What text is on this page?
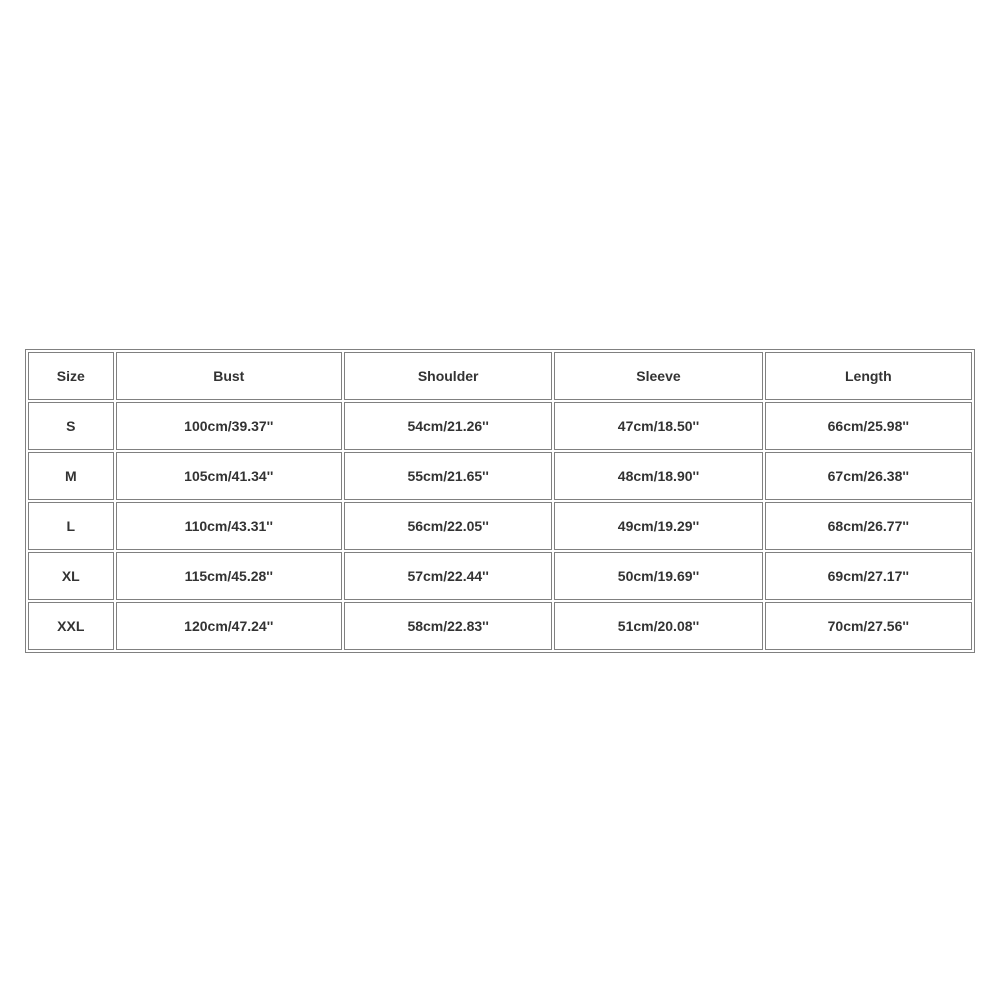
Size	Bust	Shoulder	Sleeve	Length
S	100cm/39.37''	54cm/21.26''	47cm/18.50''	66cm/25.98''
M	105cm/41.34''	55cm/21.65''	48cm/18.90''	67cm/26.38''
L	110cm/43.31''	56cm/22.05''	49cm/19.29''	68cm/26.77''
XL	115cm/45.28''	57cm/22.44''	50cm/19.69''	69cm/27.17''
XXL	120cm/47.24''	58cm/22.83''	51cm/20.08''	70cm/27.56''
